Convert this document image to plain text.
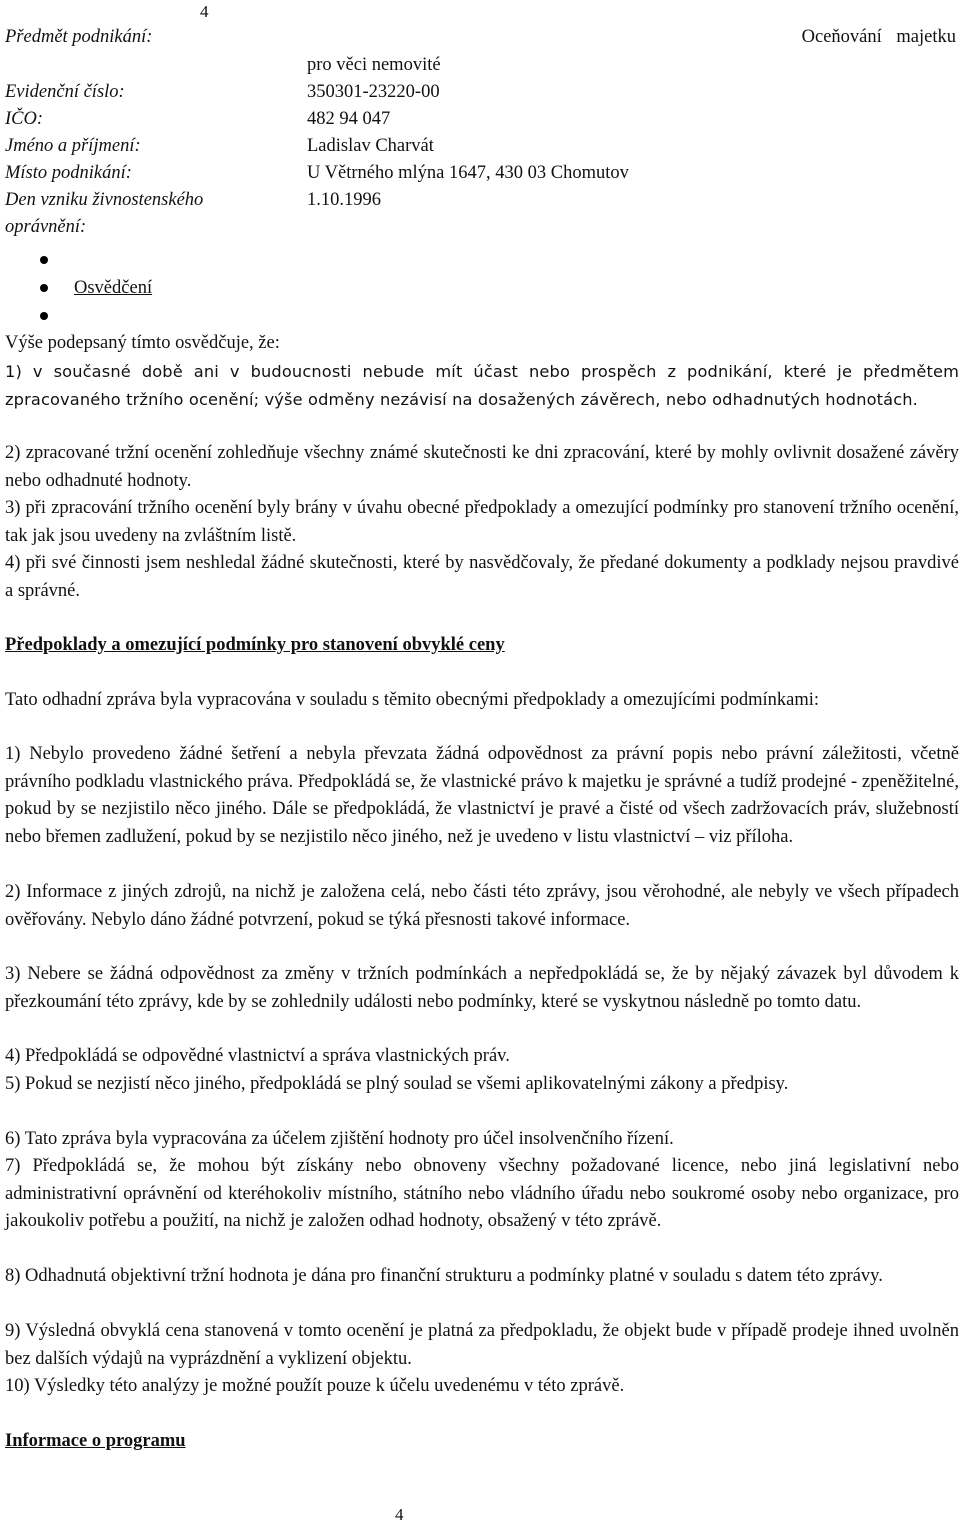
4
Předmět podnikání:	Oceňování majetku
pro věci nemovité
Evidenční číslo:	350301-23220-00
IČO:	482 94 047
Jméno a příjmení:	Ladislav Charvát
Místo podnikání:	U Větrného mlýna 1647, 430 03 Chomutov
Den vzniku živnostenského	1.10.1996
oprávnění:
Osvědčení
Výše podepsaný tímto osvědčuje, že:
1) v současné době ani v budoucnosti nebude mít účast nebo prospěch z podnikání, které je předmětem zpracovaného tržního ocenění; výše odměny nezávisí na dosažených závěrech, nebo odhadnutých hodnotách.
2) zpracované tržní ocenění zohledňuje všechny známé skutečnosti ke dni zpracování, které by mohly ovlivnit dosažené závěry nebo odhadnuté hodnoty.
3) při zpracování tržního ocenění byly brány v úvahu obecné předpoklady a omezující podmínky pro stanovení tržního ocenění, tak jak jsou uvedeny na zvláštním listě.
4) při své činnosti jsem neshledal žádné skutečnosti, které by nasvědčovaly, že předané dokumenty a podklady nejsou pravdivé a správné.
Předpoklady a omezující podmínky pro stanovení obvyklé ceny
Tato odhadní zpráva byla vypracována v souladu s těmito obecnými předpoklady a omezujícími podmínkami:
1) Nebylo provedeno žádné šetření a nebyla převzata žádná odpovědnost za právní popis nebo právní záležitosti, včetně právního podkladu vlastnického práva. Předpokládá se, že vlastnické právo k majetku je správné a tudíž prodejné - zpeněžitelné, pokud by se nezjistilo něco jiného. Dále se předpokládá, že vlastnictví je pravé a čisté od všech zadržovacích práv, služebností nebo břemen zadlužení, pokud by se nezjistilo něco jiného, než je uvedeno v listu vlastnictví – viz příloha.
2) Informace z jiných zdrojů, na nichž je založena celá, nebo části této zprávy, jsou věrohodné, ale nebyly ve všech případech ověřovány. Nebylo dáno žádné potvrzení, pokud se týká přesnosti takové informace.
3) Nebere se žádná odpovědnost za změny v tržních podmínkách a nepředpokládá se, že by nějaký závazek byl důvodem k přezkoumání této zprávy, kde by se zohlednily události nebo podmínky, které se vyskytnou následně po tomto datu.
4) Předpokládá se odpovědné vlastnictví a správa vlastnických práv.
5) Pokud se nezjistí něco jiného, předpokládá se plný soulad se všemi aplikovatelnými zákony a předpisy.
6) Tato zpráva byla vypracována za účelem zjištění hodnoty pro účel insolvenčního řízení.
7) Předpokládá se, že mohou být získány nebo obnoveny všechny požadované licence, nebo jiná legislativní nebo administrativní oprávnění od kteréhokoliv místního, státního nebo vládního úřadu nebo soukromé osoby nebo organizace, pro jakoukoliv potřebu a použití, na nichž je založen odhad hodnoty, obsažený v této zprávě.
8) Odhadnutá objektivní tržní hodnota je dána pro finanční strukturu a podmínky platné v souladu s datem této zprávy.
9) Výsledná obvyklá cena stanovená v tomto ocenění je platná za předpokladu, že objekt bude v případě prodeje ihned uvolněn bez dalších výdajů na vyprázdnění a vyklizení objektu.
10) Výsledky této analýzy je možné použít pouze k účelu uvedenému v této zprávě.
Informace o programu
4
